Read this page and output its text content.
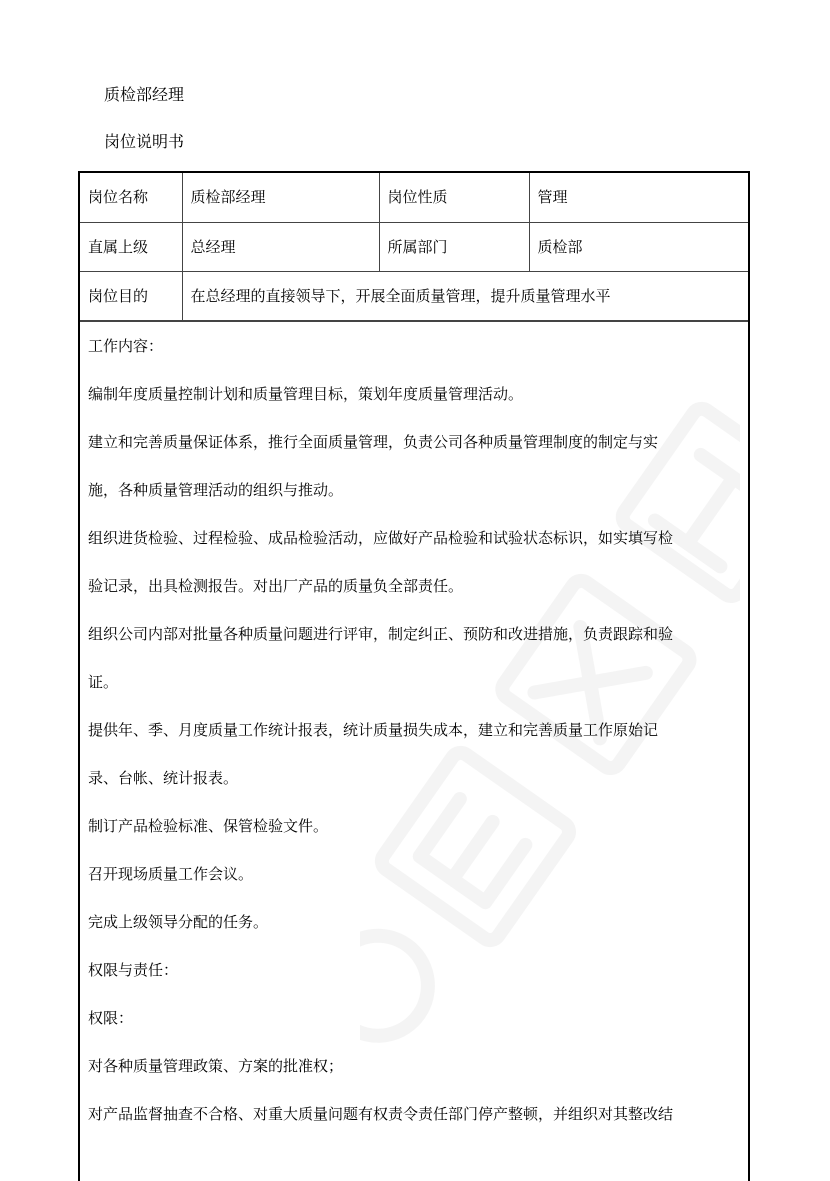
质检部经理
岗位说明书
岗位名称	质检部经理	岗位性质	管理
直属上级	总经理	所属部门	质检部
岗位目的	在总经理的直接领导下，开展全面质量管理，提升质量管理水平		

工作内容：

编制年度质量控制计划和质量管理目标，策划年度质量管理活动。

建立和完善质量保证体系，推行全面质量管理，负责公司各种质量管理制度的制定与实

施，各种质量管理活动的组织与推动。

组织进货检验、过程检验、成品检验活动，应做好产品检验和试验状态标识，如实填写检

验记录，出具检测报告。对出厂产品的质量负全部责任。

组织公司内部对批量各种质量问题进行评审，制定纠正、预防和改进措施，负责跟踪和验

证。

提供年、季、月度质量工作统计报表，统计质量损失成本，建立和完善质量工作原始记

录、台帐、统计报表。

制订产品检验标准、保管检验文件。

召开现场质量工作会议。

完成上级领导分配的任务。

权限与责任：

权限：

对各种质量管理政策、方案的批准权；

对产品监督抽查不合格、对重大质量问题有权责令责任部门停产整顿，并组织对其整改结
